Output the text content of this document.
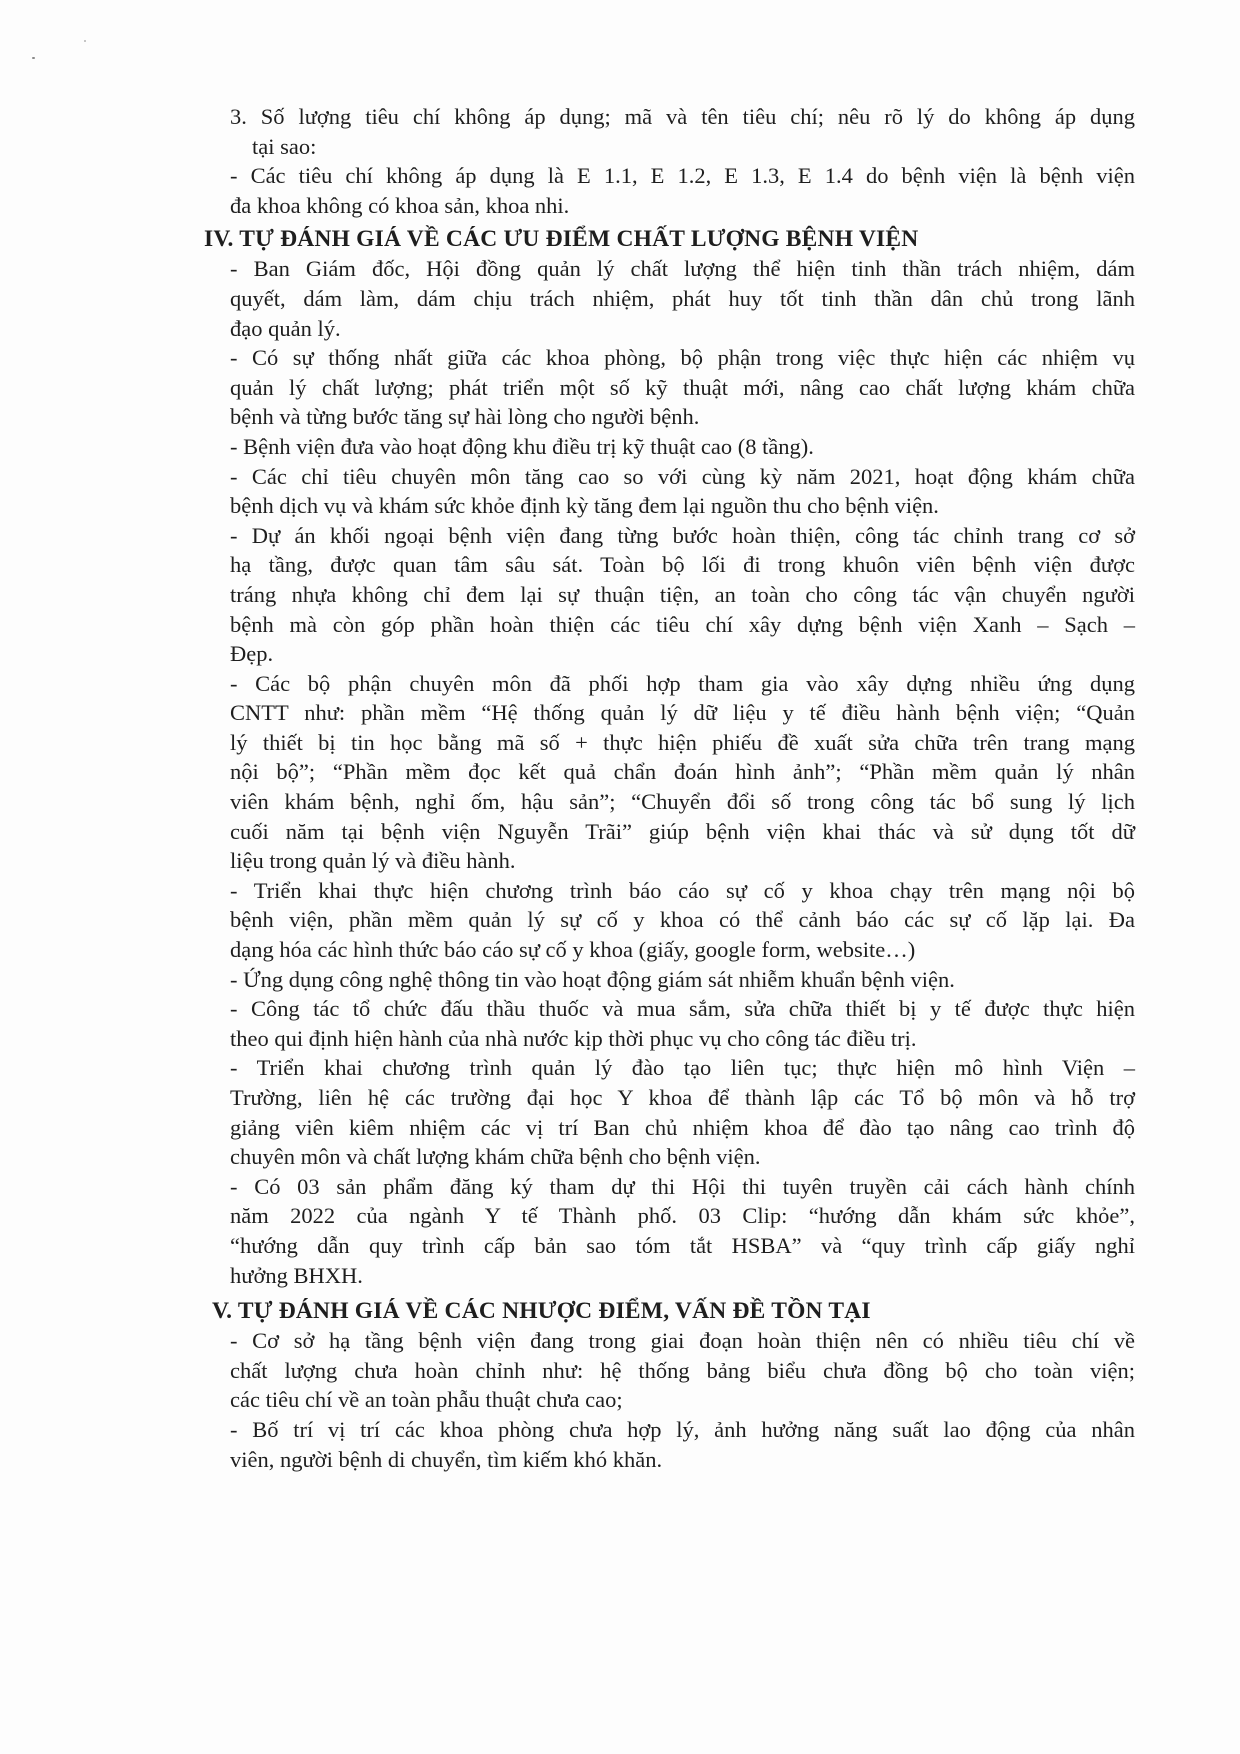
3. Số lượng tiêu chí không áp dụng; mã và tên tiêu chí; nêu rõ lý do không áp dụng
tại sao:
- Các tiêu chí không áp dụng là E 1.1, E 1.2, E 1.3, E 1.4 do bệnh viện là bệnh viện
đa khoa không có khoa sản, khoa nhi.
IV. TỰ ĐÁNH GIÁ VỀ CÁC ƯU ĐIỂM CHẤT LƯỢNG BỆNH VIỆN
- Ban Giám đốc, Hội đồng quản lý chất lượng thể hiện tinh thần trách nhiệm, dám
quyết, dám làm, dám chịu trách nhiệm, phát huy tốt tinh thần dân chủ trong lãnh
đạo quản lý.
- Có sự thống nhất giữa các khoa phòng, bộ phận trong việc thực hiện các nhiệm vụ
quản lý chất lượng; phát triển một số kỹ thuật mới, nâng cao chất lượng khám chữa
bệnh và từng bước tăng sự hài lòng cho người bệnh.
- Bệnh viện đưa vào hoạt động khu điều trị kỹ thuật cao (8 tầng).
- Các chỉ tiêu chuyên môn tăng cao so với cùng kỳ năm 2021, hoạt động khám chữa
bệnh dịch vụ và khám sức khỏe định kỳ tăng đem lại nguồn thu cho bệnh viện.
- Dự án khối ngoại bệnh viện đang từng bước hoàn thiện, công tác chỉnh trang cơ sở
hạ tầng, được quan tâm sâu sát. Toàn bộ lối đi trong khuôn viên bệnh viện được
tráng nhựa không chỉ đem lại sự thuận tiện, an toàn cho công tác vận chuyển người
bệnh mà còn góp phần hoàn thiện các tiêu chí xây dựng bệnh viện Xanh – Sạch –
Đẹp.
- Các bộ phận chuyên môn đã phối hợp tham gia vào xây dựng nhiều ứng dụng
CNTT như: phần mềm “Hệ thống quản lý dữ liệu y tế điều hành bệnh viện; “Quản
lý thiết bị tin học bằng mã số + thực hiện phiếu đề xuất sửa chữa trên trang mạng
nội bộ”; “Phần mềm đọc kết quả chẩn đoán hình ảnh”; “Phần mềm quản lý nhân
viên khám bệnh, nghỉ ốm, hậu sản”; “Chuyển đổi số trong công tác bổ sung lý lịch
cuối năm tại bệnh viện Nguyễn Trãi” giúp bệnh viện khai thác và sử dụng tốt dữ
liệu trong quản lý và điều hành.
- Triển khai thực hiện chương trình báo cáo sự cố y khoa chạy trên mạng nội bộ
bệnh viện, phần mềm quản lý sự cố y khoa có thể cảnh báo các sự cố lặp lại. Đa
dạng hóa các hình thức báo cáo sự cố y khoa (giấy, google form, website…)
- Ứng dụng công nghệ thông tin vào hoạt động giám sát nhiễm khuẩn bệnh viện.
- Công tác tổ chức đấu thầu thuốc và mua sắm, sửa chữa thiết bị y tế được thực hiện
theo qui định hiện hành của nhà nước kịp thời phục vụ cho công tác điều trị.
- Triển khai chương trình quản lý đào tạo liên tục; thực hiện mô hình Viện –
Trường, liên hệ các trường đại học Y khoa để thành lập các Tổ bộ môn và hỗ trợ
giảng viên kiêm nhiệm các vị trí Ban chủ nhiệm khoa để đào tạo nâng cao trình độ
chuyên môn và chất lượng khám chữa bệnh cho bệnh viện.
- Có 03 sản phẩm đăng ký tham dự thi Hội thi tuyên truyền cải cách hành chính
năm 2022 của ngành Y tế Thành phố. 03 Clip: “hướng dẫn khám sức khỏe”,
“hướng dẫn quy trình cấp bản sao tóm tắt HSBA” và “quy trình cấp giấy nghỉ
hưởng BHXH.
V. TỰ ĐÁNH GIÁ VỀ CÁC NHƯỢC ĐIỂM, VẤN ĐỀ TỒN TẠI
- Cơ sở hạ tầng bệnh viện đang trong giai đoạn hoàn thiện nên có nhiều tiêu chí về
chất lượng chưa hoàn chỉnh như: hệ thống bảng biểu chưa đồng bộ cho toàn viện;
các tiêu chí về an toàn phẫu thuật chưa cao;
- Bố trí vị trí các khoa phòng chưa hợp lý, ảnh hưởng năng suất lao động của nhân
viên, người bệnh di chuyển, tìm kiếm khó khăn.
